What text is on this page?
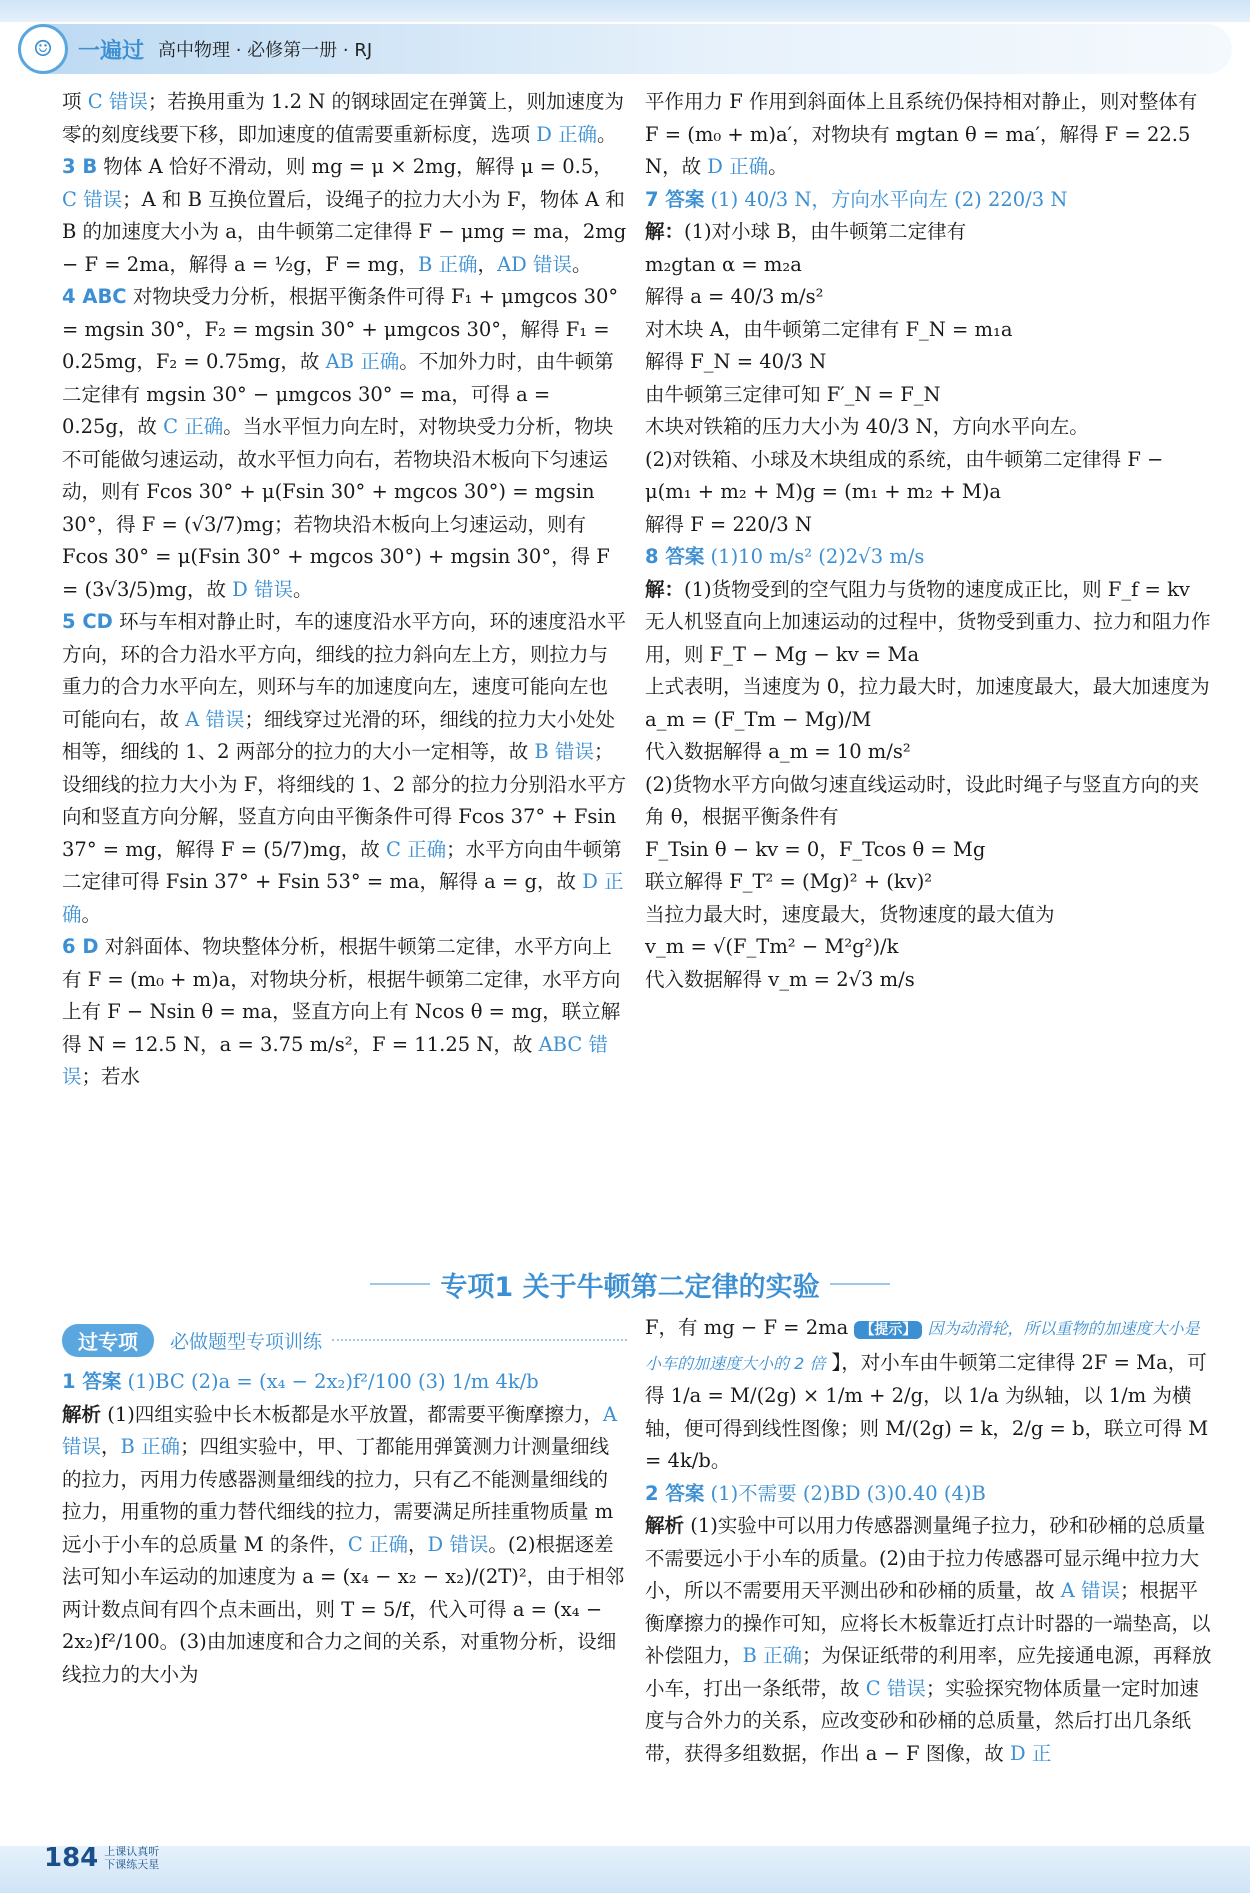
☺	一遍过 高中物理 · 必修第一册 · RJ

项 C 错误；若换用重为 1.2 N 的钢球固定在弹簧上，则加速度为零的刻度线要下移，即加速度的值需要重新标度，选项 D 正确。

3 B 物体 A 恰好不滑动，则 mg = μ × 2mg，解得 μ = 0.5，C 错误；A 和 B 互换位置后，设绳子的拉力大小为 F，物体 A 和 B 的加速度大小为 a，由牛顿第二定律得 F − μmg = ma，2mg − F = 2ma，解得 a = ½g，F = mg，B 正确，AD 错误。

4 ABC 对物块受力分析，根据平衡条件可得 F₁ + μmgcos 30° = mgsin 30°，F₂ = mgsin 30° + μmgcos 30°，解得 F₁ = 0.25mg，F₂ = 0.75mg，故 AB 正确。不加外力时，由牛顿第二定律有 mgsin 30° − μmgcos 30° = ma，可得 a = 0.25g，故 C 正确。当水平恒力向左时，对物块受力分析，物块不可能做匀速运动，故水平恒力向右，若物块沿木板向下匀速运动，则有 Fcos 30° + μ(Fsin 30° + mgcos 30°) = mgsin 30°，得 F = (√3/7)mg；若物块沿木板向上匀速运动，则有 Fcos 30° = μ(Fsin 30° + mgcos 30°) + mgsin 30°，得 F = (3√3/5)mg，故 D 错误。

5 CD 环与车相对静止时，车的速度沿水平方向，环的速度沿水平方向，环的合力沿水平方向，细线的拉力斜向左上方，则拉力与重力的合力水平向左，则环与车的加速度向左，速度可能向左也可能向右，故 A 错误；细线穿过光滑的环，细线的拉力大小处处相等，细线的 1、2 两部分的拉力的大小一定相等，故 B 错误；设细线的拉力大小为 F，将细线的 1、2 部分的拉力分别沿水平方向和竖直方向分解，竖直方向由平衡条件可得 Fcos 37° + Fsin 37° = mg，解得 F = (5/7)mg，故 C 正确；水平方向由牛顿第二定律可得 Fsin 37° + Fsin 53° = ma，解得 a = g，故 D 正确。

6 D 对斜面体、物块整体分析，根据牛顿第二定律，水平方向上有 F = (m₀ + m)a，对物块分析，根据牛顿第二定律，水平方向上有 F − Nsin θ = ma，竖直方向上有 Ncos θ = mg，联立解得 N = 12.5 N，a = 3.75 m/s²，F = 11.25 N，故 ABC 错误；若水

平作用力 F 作用到斜面体上且系统仍保持相对静止，则对整体有 F = (m₀ + m)a′，对物块有 mgtan θ = ma′，解得 F = 22.5 N，故 D 正确。

7 答案 (1) 40/3 N，方向水平向左 (2) 220/3 N

解：(1)对小球 B，由牛顿第二定律有

m₂gtan α = m₂a

解得 a = 40/3 m/s²

对木块 A，由牛顿第二定律有 F_N = m₁a

解得 F_N = 40/3 N

由牛顿第三定律可知 F′_N = F_N

木块对铁箱的压力大小为 40/3 N，方向水平向左。

(2)对铁箱、小球及木块组成的系统，由牛顿第二定律得 F − μ(m₁ + m₂ + M)g = (m₁ + m₂ + M)a

解得 F = 220/3 N

8 答案 (1)10 m/s² (2)2√3 m/s

解：(1)货物受到的空气阻力与货物的速度成正比，则 F_f = kv

无人机竖直向上加速运动的过程中，货物受到重力、拉力和阻力作用，则 F_T − Mg − kv = Ma

上式表明，当速度为 0，拉力最大时，加速度最大，最大加速度为 a_m = (F_Tm − Mg)/M

代入数据解得 a_m = 10 m/s²

(2)货物水平方向做匀速直线运动时，设此时绳子与竖直方向的夹角 θ，根据平衡条件有

F_Tsin θ − kv = 0，F_Tcos θ = Mg

联立解得 F_T² = (Mg)² + (kv)²

当拉力最大时，速度最大，货物速度的最大值为

v_m = √(F_Tm² − M²g²)/k

代入数据解得 v_m = 2√3 m/s

专项1 关于牛顿第二定律的实验
过专项	必做题型专项训练

1 答案 (1)BC (2)a = (x₄ − 2x₂)f²/100 (3) 1/m 4k/b

解析 (1)四组实验中长木板都是水平放置，都需要平衡摩擦力，A 错误，B 正确；四组实验中，甲、丁都能用弹簧测力计测量细线的拉力，丙用力传感器测量细线的拉力，只有乙不能测量细线的拉力，用重物的重力替代细线的拉力，需要满足所挂重物质量 m 远小于小车的总质量 M 的条件，C 正确，D 错误。(2)根据逐差法可知小车运动的加速度为 a = (x₄ − x₂ − x₂)/(2T)²，由于相邻两计数点间有四个点未画出，则 T = 5/f，代入可得 a = (x₄ − 2x₂)f²/100。(3)由加速度和合力之间的关系，对重物分析，设细线拉力的大小为

F，有 mg − F = 2ma 【提示】 因为动滑轮，所以重物的加速度大小是小车的加速度大小的 2 倍 】，对小车由牛顿第二定律得 2F = Ma，可得 1/a = M/(2g) × 1/m + 2/g，以 1/a 为纵轴，以 1/m 为横轴，便可得到线性图像；则 M/(2g) = k，2/g = b，联立可得 M = 4k/b。

2 答案 (1)不需要 (2)BD (3)0.40 (4)B

解析 (1)实验中可以用力传感器测量绳子拉力，砂和砂桶的总质量不需要远小于小车的质量。(2)由于拉力传感器可显示绳中拉力大小，所以不需要用天平测出砂和砂桶的质量，故 A 错误；根据平衡摩擦力的操作可知，应将长木板靠近打点计时器的一端垫高，以补偿阻力，B 正确；为保证纸带的利用率，应先接通电源，再释放小车，打出一条纸带，故 C 错误；实验探究物体质量一定时加速度与合外力的关系，应改变砂和砂桶的总质量，然后打出几条纸带，获得多组数据，作出 a − F 图像，故 D 正

184 上课认真听
下课练天星
